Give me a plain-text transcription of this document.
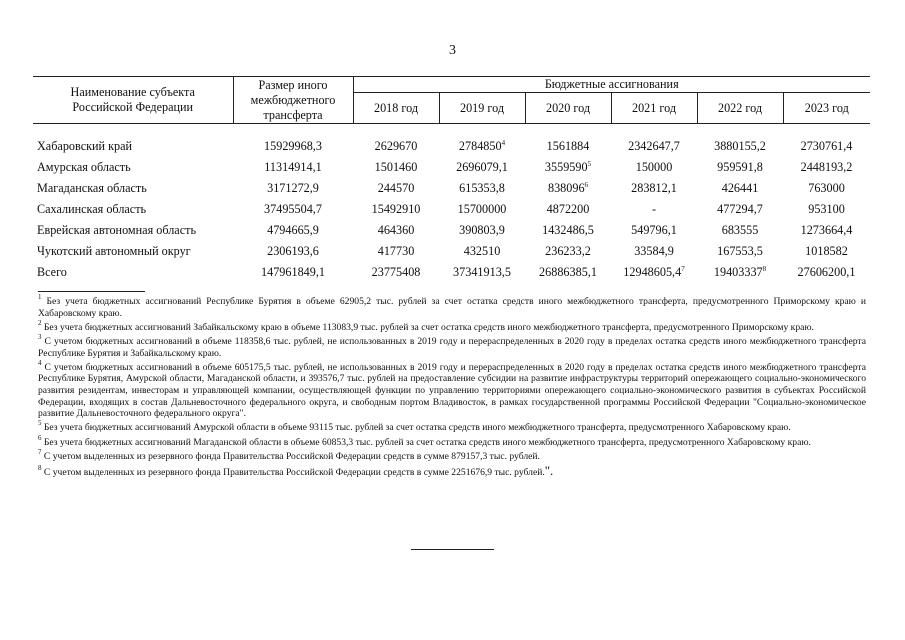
3
Наименование субъекта Российской Федерации	Размер иного межбюджетного трансферта	Бюджетные ассигнования					
		2018 год	2019 год	2020 год	2021 год	2022 год	2023 год

Хабаровский край	15929968,3	2629670	2784850$^4$	1561884	2342647,7	3880155,2	2730761,4
Амурская область	11314914,1	1501460	2696079,1	3559590$^5$	150000	959591,8	2448193,2
Магаданская область	3171272,9	244570	615353,8	838096$^6$	283812,1	426441	763000
Сахалинская область	37495504,7	15492910	15700000	4872200	-	477294,7	953100
Еврейская автономная область	4794665,9	464360	390803,9	1432486,5	549796,1	683555	1273664,4
Чукотский автономный округ	2306193,6	417730	432510	236233,2	33584,9	167553,5	1018582
Всего	147961849,1	23775408	37341913,5	26886385,1	12948605,4$^7$	19403337$^8$	27606200,1

$^1$ Без учета бюджетных ассигнований Республике Бурятия в объеме 62905,2 тыс. рублей за счет остатка средств иного межбюджетного трансферта, предусмотренного Приморскому краю и Хабаровскому краю.

$^2$ Без учета бюджетных ассигнований Забайкальскому краю в объеме 113083,9 тыс. рублей за счет остатка средств иного межбюджетного трансферта, предусмотренного Приморскому краю.

$^3$ С учетом бюджетных ассигнований в объеме 118358,6 тыс. рублей, не использованных в 2019 году и перераспределенных в 2020 году в пределах остатка средств иного межбюджетного трансферта Республике Бурятия и Забайкальскому краю.

$^4$ С учетом бюджетных ассигнований в объеме 605175,5 тыс. рублей, не использованных в 2019 году и перераспределенных в 2020 году в пределах остатка средств иного межбюджетного трансферта Республике Бурятия, Амурской области, Магаданской области, и 393576,7 тыс. рублей на предоставление субсидии на развитие инфраструктуры территорий опережающего социально-экономического развития резидентам, инвесторам и управляющей компании, осуществляющей функции по управлению территориями опережающего социально-экономического развития в субъектах Российской Федерации, входящих в состав Дальневосточного федерального округа, и свободным портом Владивосток, в рамках государственной программы Российской Федерации "Социально-экономическое развитие Дальневосточного федерального округа".

$^5$ Без учета бюджетных ассигнований Амурской области в объеме 93115 тыс. рублей за счет остатка средств иного межбюджетного трансферта, предусмотренного Хабаровскому краю.

$^6$ Без учета бюджетных ассигнований Магаданской области в объеме 60853,3 тыс. рублей за счет остатка средств иного межбюджетного трансферта, предусмотренного Хабаровскому краю.

$^7$ С учетом выделенных из резервного фонда Правительства Российской Федерации средств в сумме 879157,3 тыс. рублей.

$^8$ С учетом выделенных из резервного фонда Правительства Российской Федерации средств в сумме 2251676,9 тыс. рублей.".
